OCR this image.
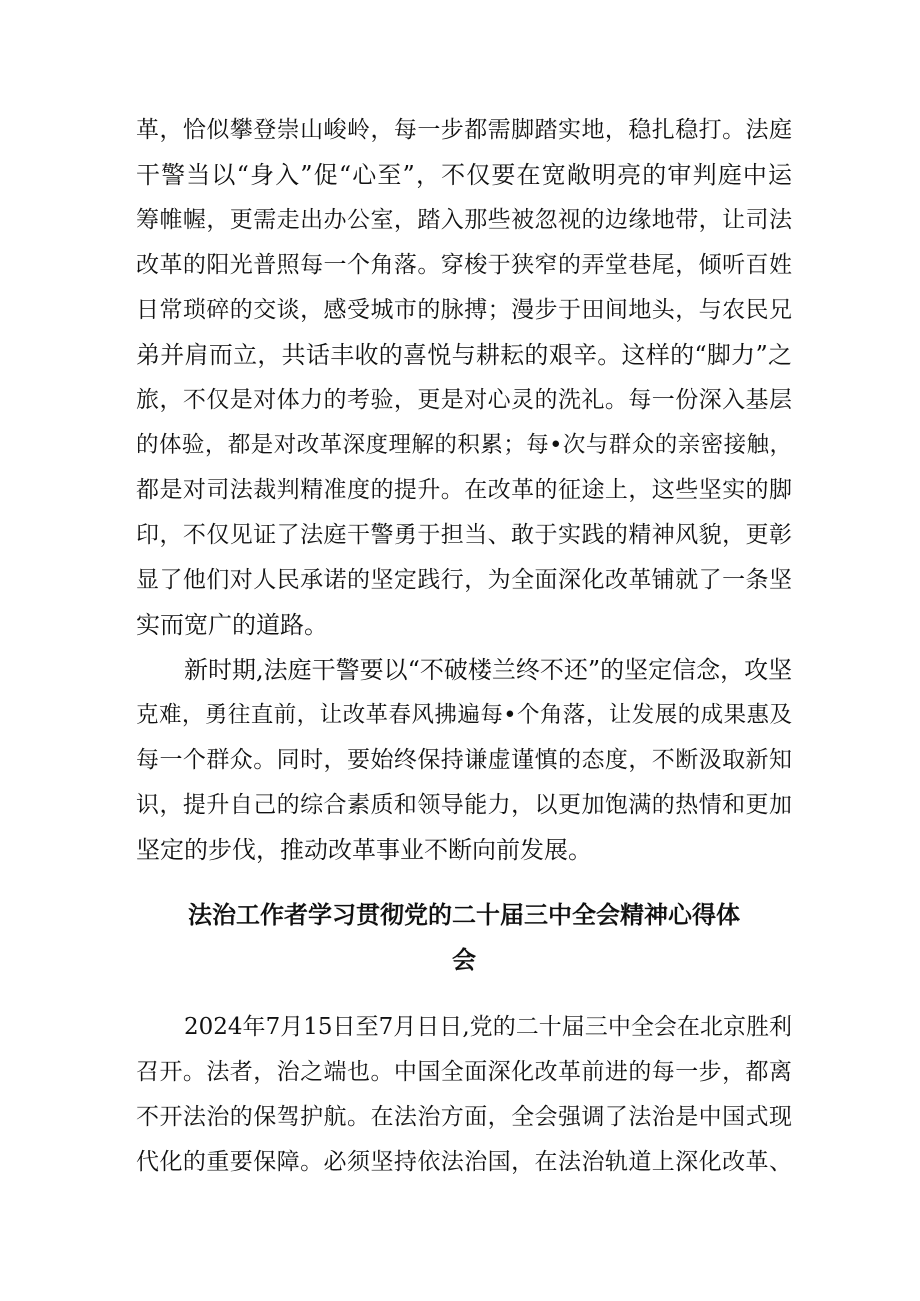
革，恰似攀登崇山峻岭，每一步都需脚踏实地，稳扎稳打。法庭
干警当以“身入”促“心至”，不仅要在宽敞明亮的审判庭中运
筹帷幄，更需走出办公室，踏入那些被忽视的边缘地带，让司法
改革的阳光普照每一个角落。穿梭于狭窄的弄堂巷尾，倾听百姓
日常琐碎的交谈，感受城市的脉搏；漫步于田间地头，与农民兄
弟并肩而立，共话丰收的喜悦与耕耘的艰辛。这样的“脚力”之
旅，不仅是对体力的考验，更是对心灵的洗礼。每一份深入基层
的体验，都是对改革深度理解的积累；每•次与群众的亲密接触，
都是对司法裁判精准度的提升。在改革的征途上，这些坚实的脚
印，不仅见证了法庭干警勇于担当、敢于实践的精神风貌，更彰
显了他们对人民承诺的坚定践行，为全面深化改革铺就了一条坚
实而宽广的道路。
新时期,法庭干警要以“不破楼兰终不还”的坚定信念，攻坚
克难，勇往直前，让改革春风拂遍每•个角落，让发展的成果惠及
每一个群众。同时，要始终保持谦虚谨慎的态度，不断汲取新知
识，提升自己的综合素质和领导能力，以更加饱满的热情和更加
坚定的步伐，推动改革事业不断向前发展。
法治工作者学习贯彻党的二十届三中全会精神心得体
会
2024年7月15日至7月日日,党的二十届三中全会在北京胜利
召开。法者，治之端也。中国全面深化改革前进的每一步，都离
不开法治的保驾护航。在法治方面，全会强调了法治是中国式现
代化的重要保障。必须坚持依法治国，在法治轨道上深化改革、
